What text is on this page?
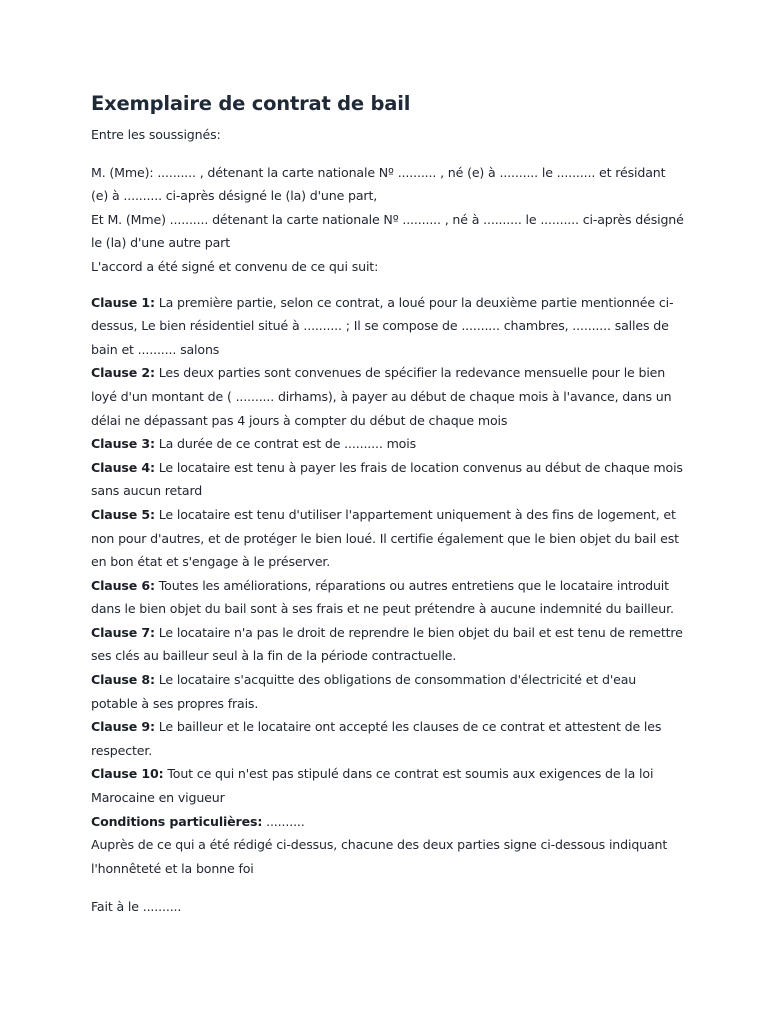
Exemplaire de contrat de bail

Entre les soussignés:

M. (Mme): .......... , détenant la carte nationale Nº .......... , né (e) à .......... le .......... et résidant (e) à .......... ci-après désigné le (la) d'une part,

Et M. (Mme) .......... détenant la carte nationale Nº .......... , né à .......... le .......... ci-après désigné le (la) d'une autre part

L'accord a été signé et convenu de ce qui suit:

Clause 1: La première partie, selon ce contrat, a loué pour la deuxième partie mentionnée ci-dessus, Le bien résidentiel situé à .......... ; Il se compose de .......... chambres, .......... salles de bain et .......... salons

Clause 2: Les deux parties sont convenues de spécifier la redevance mensuelle pour le bien loyé d'un montant de ( .......... dirhams), à payer au début de chaque mois à l'avance, dans un délai ne dépassant pas 4 jours à compter du début de chaque mois

Clause 3: La durée de ce contrat est de .......... mois

Clause 4: Le locataire est tenu à payer les frais de location convenus au début de chaque mois sans aucun retard

Clause 5: Le locataire est tenu d'utiliser l'appartement uniquement à des fins de logement, et non pour d'autres, et de protéger le bien loué. Il certifie également que le bien objet du bail est en bon état et s'engage à le préserver.

Clause 6: Toutes les améliorations, réparations ou autres entretiens que le locataire introduit dans le bien objet du bail sont à ses frais et ne peut prétendre à aucune indemnité du bailleur.

Clause 7: Le locataire n'a pas le droit de reprendre le bien objet du bail et est tenu de remettre ses clés au bailleur seul à la fin de la période contractuelle.

Clause 8: Le locataire s'acquitte des obligations de consommation d'électricité et d'eau potable à ses propres frais.

Clause 9: Le bailleur et le locataire ont accepté les clauses de ce contrat et attestent de les respecter.

Clause 10: Tout ce qui n'est pas stipulé dans ce contrat est soumis aux exigences de la loi Marocaine en vigueur

Conditions particulières: ..........

Auprès de ce qui a été rédigé ci-dessus, chacune des deux parties signe ci-dessous indiquant l'honnêteté et la bonne foi

Fait à le ..........
